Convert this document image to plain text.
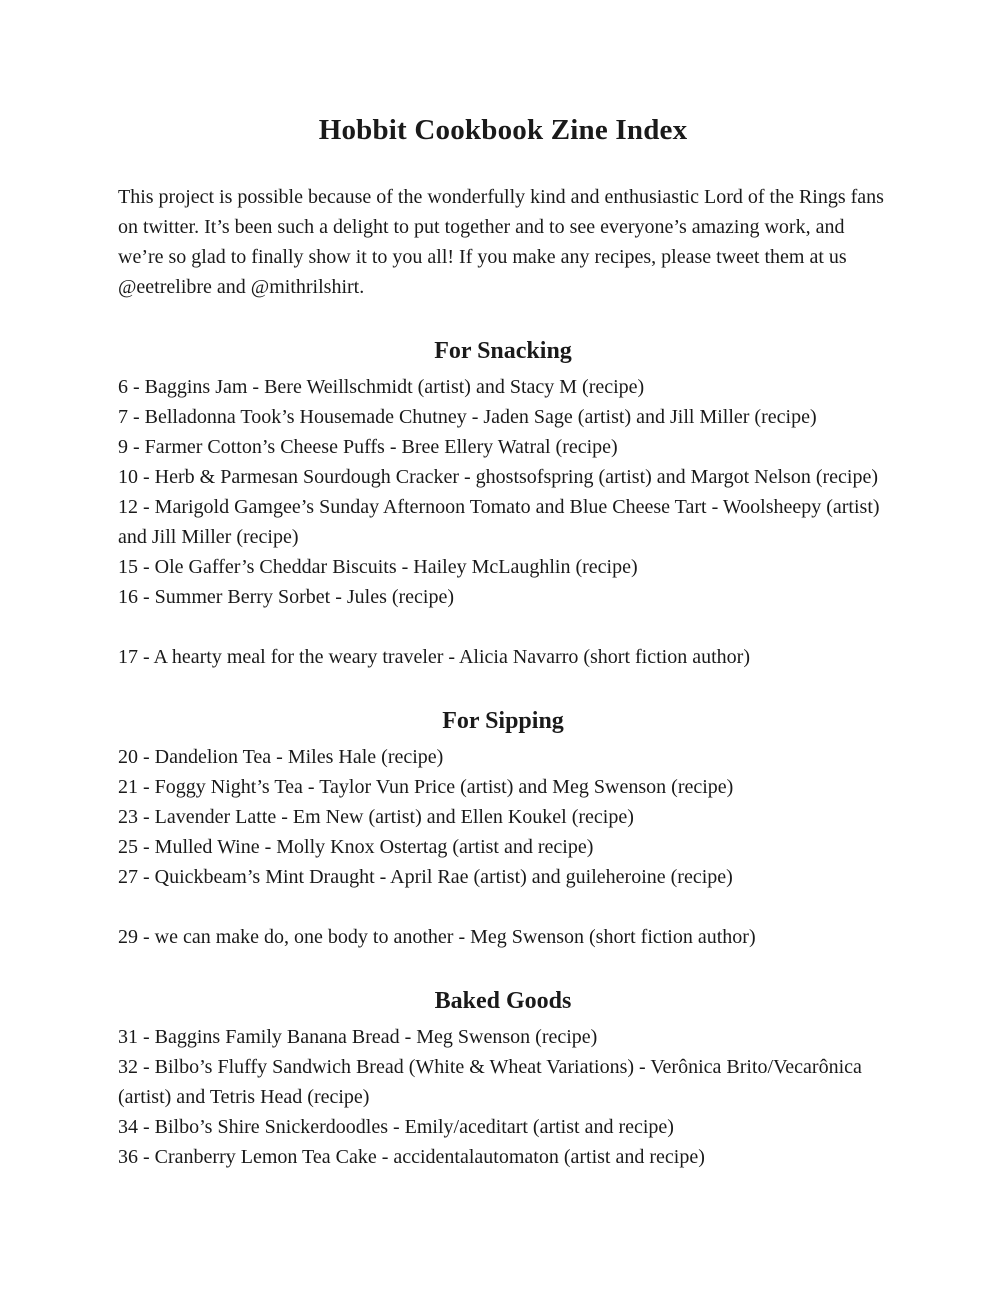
Hobbit Cookbook Zine Index

This project is possible because of the wonderfully kind and enthusiastic Lord of the Rings fans on twitter. It’s been such a delight to put together and to see everyone’s amazing work, and we’re so glad to finally show it to you all! If you make any recipes, please tweet them at us @eetrelibre and @mithrilshirt.

For Snacking

6 - Baggins Jam - Bere Weillschmidt (artist) and Stacy M (recipe)

7 - Belladonna Took’s Housemade Chutney - Jaden Sage (artist) and Jill Miller (recipe)

9 - Farmer Cotton’s Cheese Puffs - Bree Ellery Watral (recipe)

10 - Herb & Parmesan Sourdough Cracker - ghostsofspring (artist) and Margot Nelson (recipe)

12 - Marigold Gamgee’s Sunday Afternoon Tomato and Blue Cheese Tart - Woolsheepy (artist) and Jill Miller (recipe)

15 - Ole Gaffer’s Cheddar Biscuits - Hailey McLaughlin (recipe)

16 - Summer Berry Sorbet - Jules (recipe)

17 - A hearty meal for the weary traveler - Alicia Navarro (short fiction author)

For Sipping

20 - Dandelion Tea - Miles Hale (recipe)

21 - Foggy Night’s Tea - Taylor Vun Price (artist) and Meg Swenson (recipe)

23 - Lavender Latte - Em New (artist) and Ellen Koukel (recipe)

25 - Mulled Wine - Molly Knox Ostertag (artist and recipe)

27 - Quickbeam’s Mint Draught - April Rae (artist) and guileheroine (recipe)

29 - we can make do, one body to another - Meg Swenson (short fiction author)

Baked Goods

31 - Baggins Family Banana Bread - Meg Swenson (recipe)

32 - Bilbo’s Fluffy Sandwich Bread (White & Wheat Variations) - Verônica Brito/Vecarônica (artist) and Tetris Head (recipe)

34 - Bilbo’s Shire Snickerdoodles - Emily/aceditart (artist and recipe)

36 - Cranberry Lemon Tea Cake - accidentalautomaton (artist and recipe)
